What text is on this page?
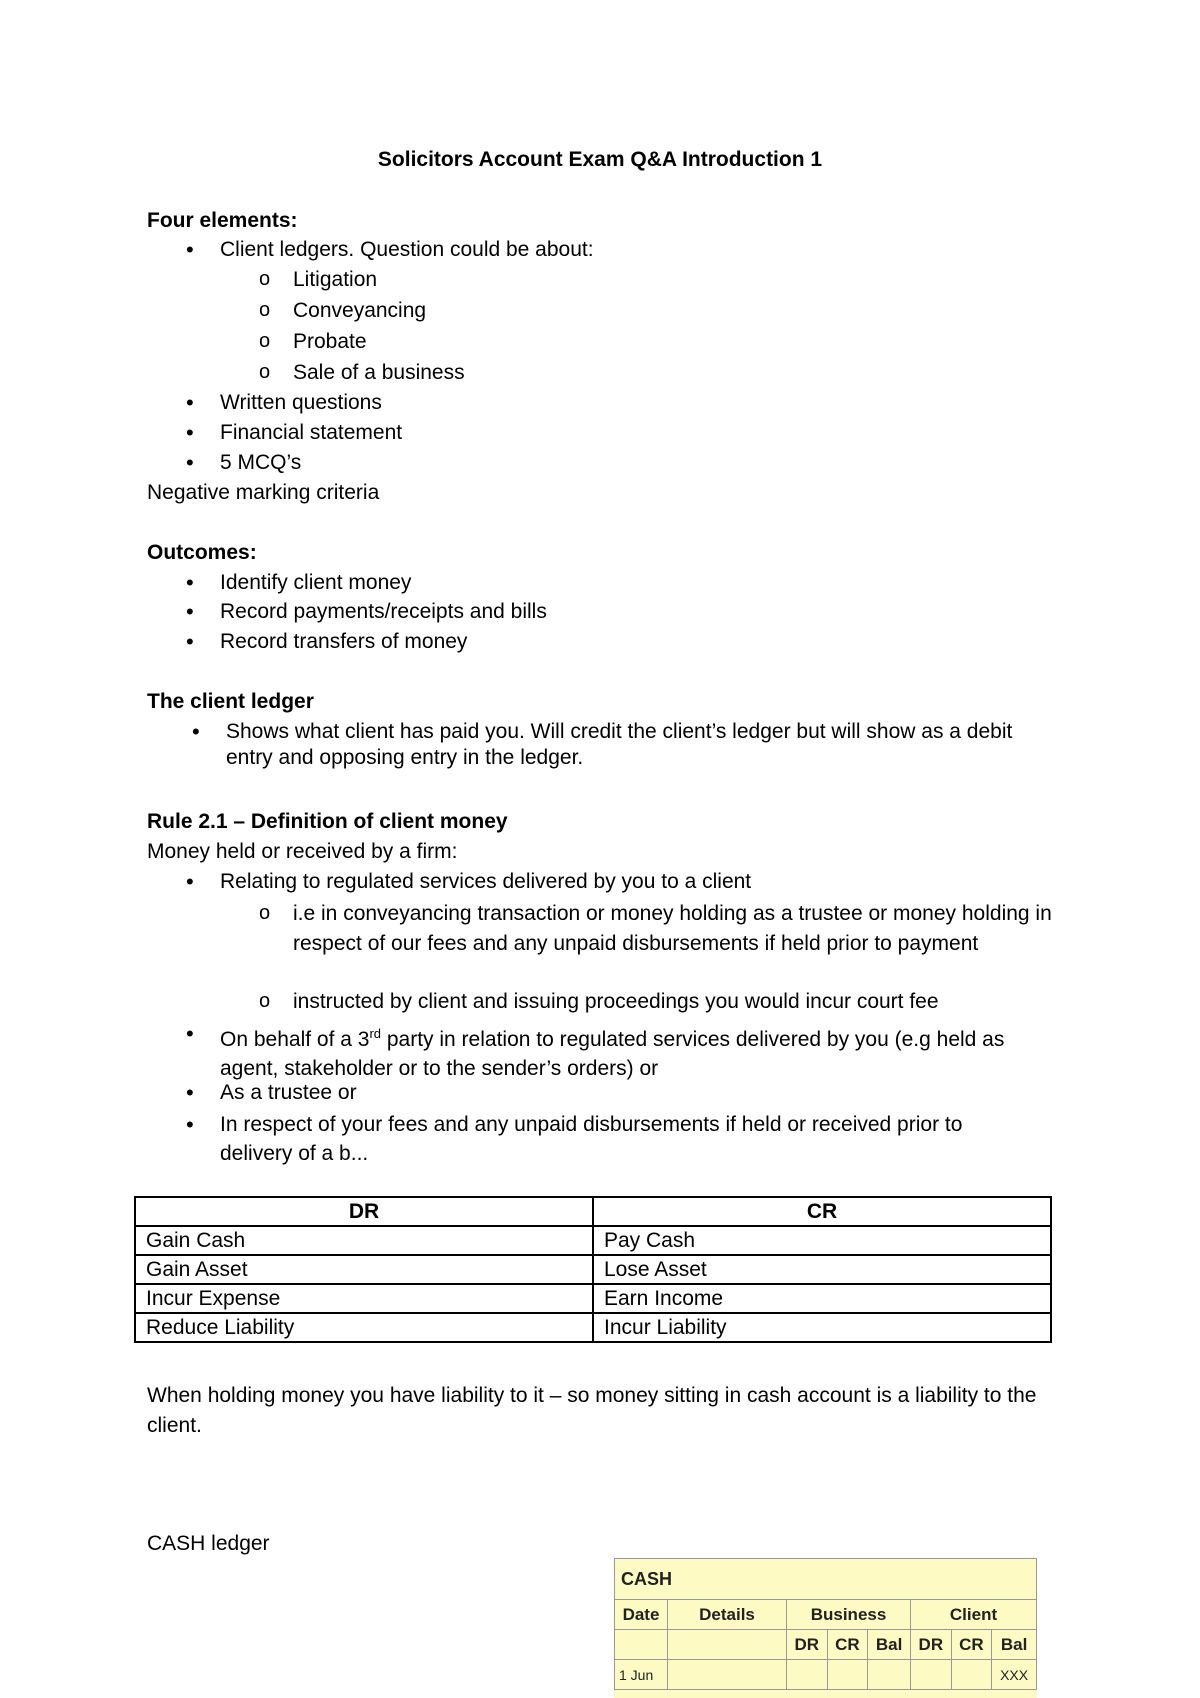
Solicitors Account Exam Q&A Introduction 1
Four elements:
• Client ledgers. Question could be about:
o Litigation
o Conveyancing
o Probate
o Sale of a business
• Written questions
• Financial statement
• 5 MCQ’s
Negative marking criteria
Outcomes:
• Identify client money
• Record payments/receipts and bills
• Record transfers of money
The client ledger
• Shows what client has paid you. Will credit the client’s ledger but will show as a debit entry and opposing entry in the ledger.
Rule 2.1 – Definition of client money
Money held or received by a firm:
• Relating to regulated services delivered by you to a client
o i.e in conveyancing transaction or money holding as a trustee or money holding in respect of our fees and any unpaid disbursements if held prior to payment
o instructed by client and issuing proceedings you would incur court fee
• On behalf of a 3rd party in relation to regulated services delivered by you (e.g held as agent, stakeholder or to the sender’s orders) or
• As a trustee or
• In respect of your fees and any unpaid disbursements if held or received prior to delivery of a b...
DR	CR
Gain Cash	Pay Cash
Gain Asset	Lose Asset
Incur Expense	Earn Income
Reduce Liability	Incur Liability
When holding money you have liability to it – so money sitting in cash account is a liability to the client.
CASH ledger
CASH
Date	Details	Business			Client		
		DR	CR	Bal	DR	CR	Bal
1 Jun							XXX
